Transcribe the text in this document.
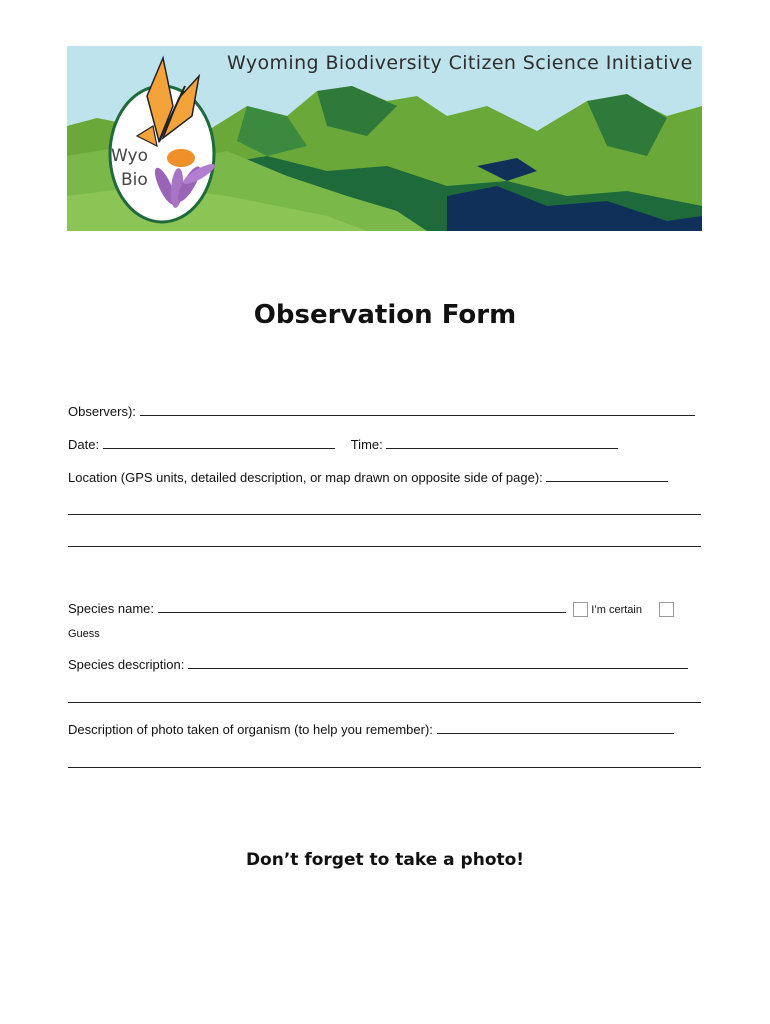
Wyoming Biodiversity Citizen Science Initiative
Wyo
Bio
Observation Form
Observers):
Date:	Time:
Location (GPS units, detailed description, or map drawn on opposite side of page):
Species name:	I’m certain
Guess
Species description:
Description of photo taken of organism (to help you remember):
Don’t forget to take a photo!
